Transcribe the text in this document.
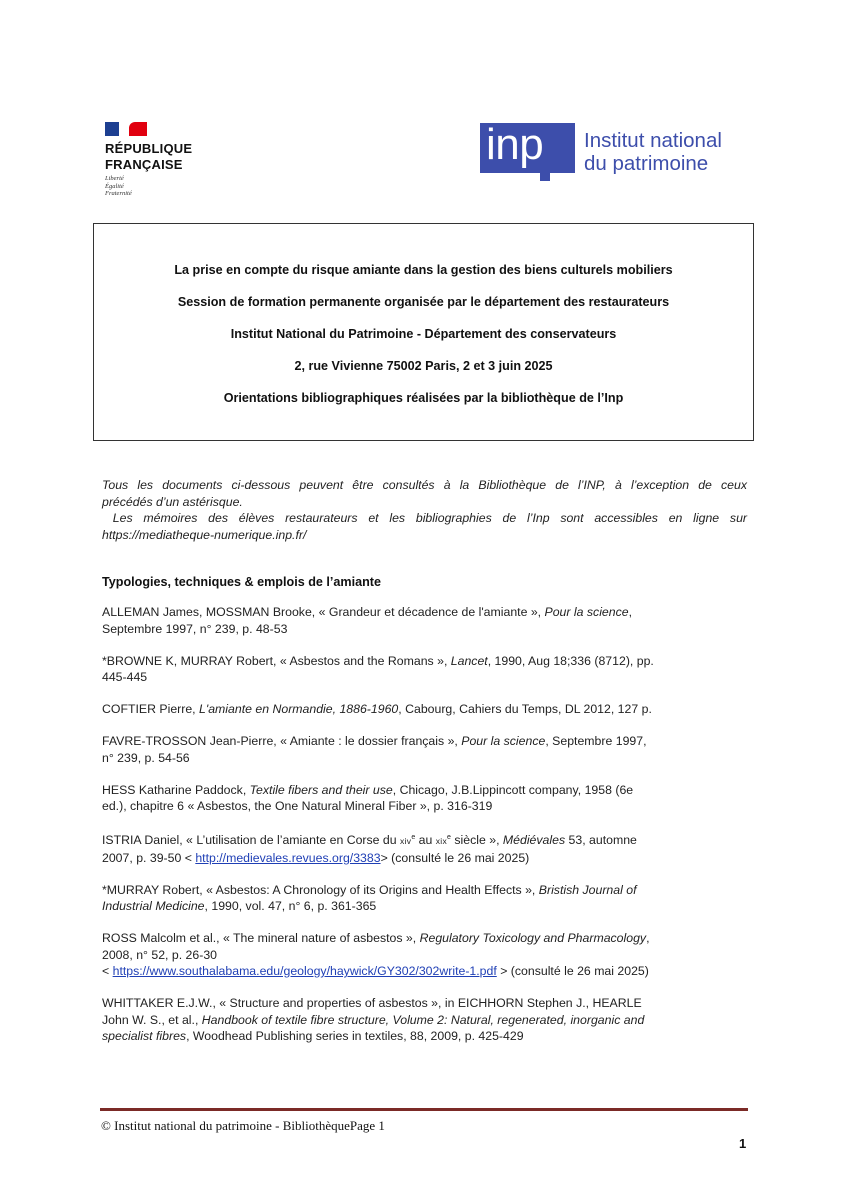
RÉPUBLIQUE
FRANÇAISE
Liberté
Égalité
Fraternité
inp Institut national
du patrimoine
La prise en compte du risque amiante dans la gestion des biens culturels mobiliers
Session de formation permanente organisée par le département des restaurateurs
Institut National du Patrimoine - Département des conservateurs
2, rue Vivienne 75002 Paris, 2 et 3 juin 2025
Orientations bibliographiques réalisées par la bibliothèque de l’Inp

Tous les documents ci-dessous peuvent être consultés à la Bibliothèque de l’INP, à l’exception de ceux
précédés d’un astérisque.

Les mémoires des élèves restaurateurs et les bibliographies de l’Inp sont accessibles en ligne sur
https://mediatheque-numerique.inp.fr/

Typologies, techniques & emplois de l’amiante
ALLEMAN James, MOSSMAN Brooke, « Grandeur et décadence de l'amiante », Pour la science,
Septembre 1997, n° 239, p. 48-53
*BROWNE K, MURRAY Robert, « Asbestos and the Romans », Lancet, 1990, Aug 18;336 (8712), pp.
445-445
COFTIER Pierre, L'amiante en Normandie, 1886-1960, Cabourg, Cahiers du Temps, DL 2012, 127 p.
FAVRE-TROSSON Jean-Pierre, « Amiante : le dossier français », Pour la science, Septembre 1997,
n° 239, p. 54-56
HESS Katharine Paddock, Textile fibers and their use, Chicago, J.B.Lippincott company, 1958 (6e
ed.), chapitre 6 « Asbestos, the One Natural Mineral Fiber », p. 316-319
ISTRIA Daniel, « L’utilisation de l’amiante en Corse du xiv$^e$ au xix$^e$ siècle », Médiévales 53, automne
2007, p. 39-50 < http://medievales.revues.org/3383> (consulté le 26 mai 2025)
*MURRAY Robert, « Asbestos: A Chronology of its Origins and Health Effects », Bristish Journal of
Industrial Medicine, 1990, vol. 47, n° 6, p. 361-365
ROSS Malcolm et al., « The mineral nature of asbestos », Regulatory Toxicology and Pharmacology,
2008, n° 52, p. 26-30
< https://www.southalabama.edu/geology/haywick/GY302/302write-1.pdf > (consulté le 26 mai 2025)
WHITTAKER E.J.W., « Structure and properties of asbestos », in EICHHORN Stephen J., HEARLE
John W. S., et al., Handbook of textile fibre structure, Volume 2: Natural, regenerated, inorganic and
specialist fibres, Woodhead Publishing series in textiles, 88, 2009, p. 425-429
© Institut national du patrimoine - BibliothèquePage 1
1
